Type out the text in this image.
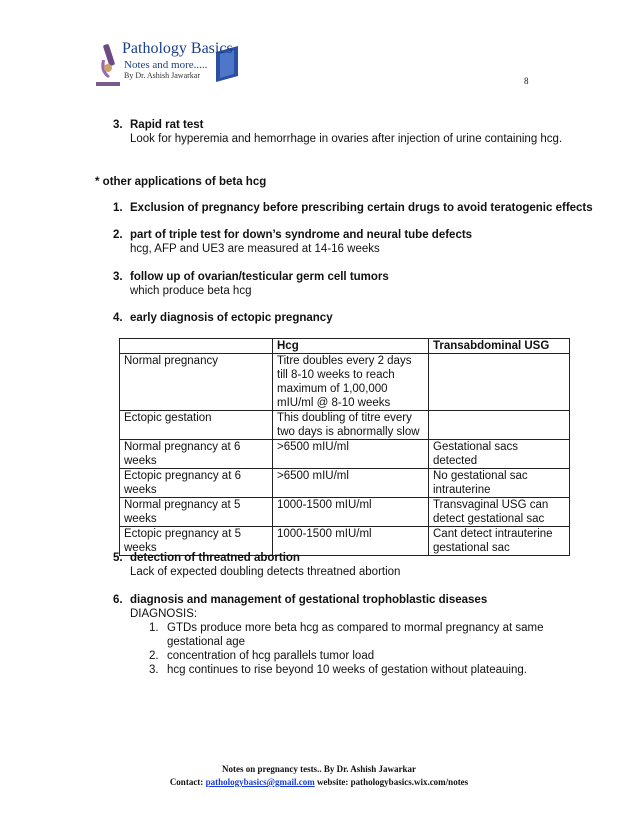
Pathology Basics
Notes and more.....
By Dr. Ashish Jawarkar
8
3. Rapid rat test
Look for hyperemia and hemorrhage in ovaries after injection of urine containing hcg.
* other applications of beta hcg
1. Exclusion of pregnancy before prescribing certain drugs to avoid teratogenic effects
2. part of triple test for down’s syndrome and neural tube defects
hcg, AFP and UE3 are measured at 14-16 weeks
3. follow up of ovarian/testicular germ cell tumors
which produce beta hcg
4. early diagnosis of ectopic pregnancy
	Hcg	Transabdominal USG
Normal pregnancy	Titre doubles every 2 days till 8-10 weeks to reach maximum of 1,00,000 mIU/ml @ 8-10 weeks	
Ectopic gestation	This doubling of titre every two days is abnormally slow	
Normal pregnancy at 6 weeks	>6500 mIU/ml	Gestational sacs detected
Ectopic pregnancy at 6 weeks	>6500 mIU/ml	No gestational sac intrauterine
Normal pregnancy at 5 weeks	1000-1500 mIU/ml	Transvaginal USG can detect gestational sac
Ectopic pregnancy at 5 weeks	1000-1500 mIU/ml	Cant detect intrauterine gestational sac
5. detection of threatned abortion
Lack of expected doubling detects threatned abortion
6. diagnosis and management of gestational trophoblastic diseases
DIAGNOSIS:
1. GTDs produce more beta hcg as compared to mormal pregnancy at same
gestational age
2. concentration of hcg parallels tumor load
3. hcg continues to rise beyond 10 weeks of gestation without plateauing.
Notes on pregnancy tests.. By Dr. Ashish Jawarkar
Contact: pathologybasics@gmail.com website: pathologybasics.wix.com/notes
